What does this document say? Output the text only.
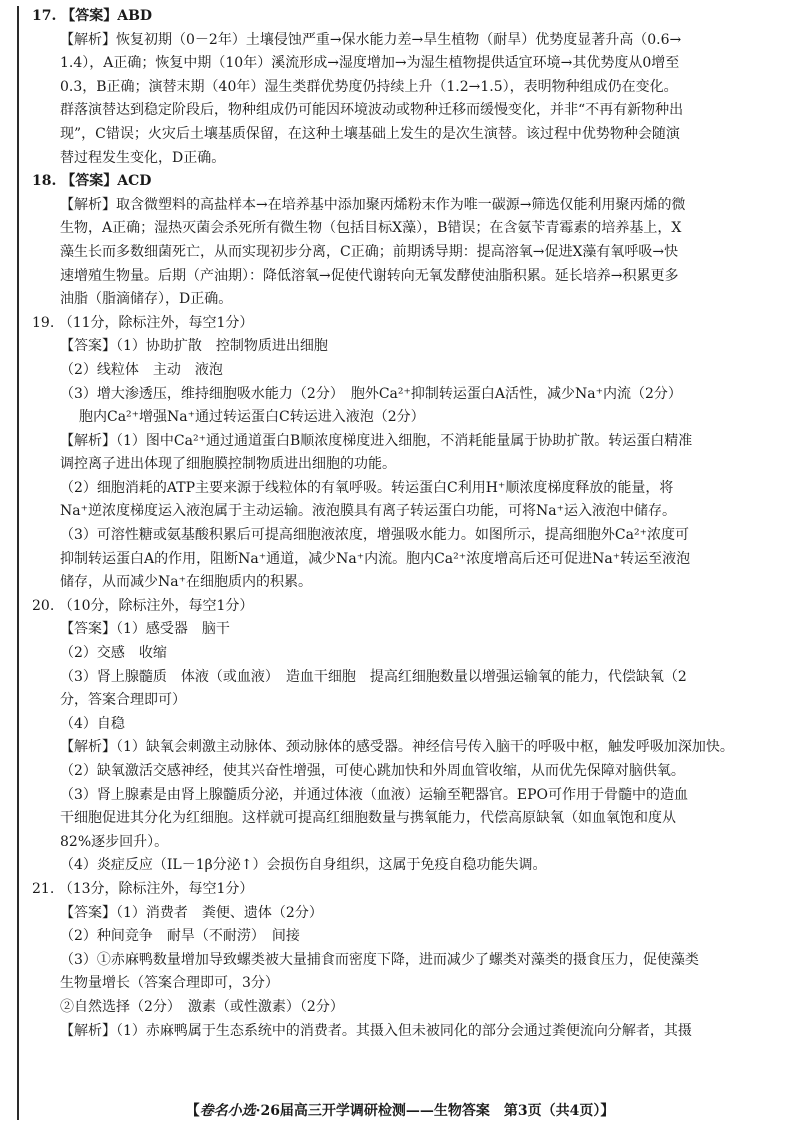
17. 【答案】ABD
【解析】恢复初期（0－2年）土壤侵蚀严重→保水能力差→旱生植物（耐旱）优势度显著升高（0.6→
1.4），A正确；恢复中期（10年）溪流形成→湿度增加→为湿生植物提供适宜环境→其优势度从0增至
0.3，B正确；演替末期（40年）湿生类群优势度仍持续上升（1.2→1.5），表明物种组成仍在变化。
群落演替达到稳定阶段后，物种组成仍可能因环境波动或物种迁移而缓慢变化，并非“不再有新物种出
现”，C错误；火灾后土壤基质保留，在这种土壤基础上发生的是次生演替。该过程中优势物种会随演
替过程发生变化，D正确。
18. 【答案】ACD
【解析】取含微塑料的高盐样本→在培养基中添加聚丙烯粉末作为唯一碳源→筛选仅能利用聚丙烯的微
生物，A正确；湿热灭菌会杀死所有微生物（包括目标X藻），B错误；在含氨苄青霉素的培养基上，X
藻生长而多数细菌死亡，从而实现初步分离，C正确；前期诱导期：提高溶氧→促进X藻有氧呼吸→快
速增殖生物量。后期（产油期）：降低溶氧→促使代谢转向无氧发酵使油脂积累。延长培养→积累更多
油脂（脂滴储存），D正确。
19. （11分，除标注外，每空1分）
【答案】（1）协助扩散　控制物质进出细胞
（2）线粒体　主动　液泡
（3）增大渗透压，维持细胞吸水能力（2分）　胞外Ca²⁺抑制转运蛋白A活性，减少Na⁺内流（2分）
胞内Ca²⁺增强Na⁺通过转运蛋白C转运进入液泡（2分）
【解析】（1）图中Ca²⁺通过通道蛋白B顺浓度梯度进入细胞，不消耗能量属于协助扩散。转运蛋白精准
调控离子进出体现了细胞膜控制物质进出细胞的功能。
（2）细胞消耗的ATP主要来源于线粒体的有氧呼吸。转运蛋白C利用H⁺顺浓度梯度释放的能量，将
Na⁺逆浓度梯度运入液泡属于主动运输。液泡膜具有离子转运蛋白功能，可将Na⁺运入液泡中储存。
（3）可溶性糖或氨基酸积累后可提高细胞液浓度，增强吸水能力。如图所示，提高细胞外Ca²⁺浓度可
抑制转运蛋白A的作用，阻断Na⁺通道，减少Na⁺内流。胞内Ca²⁺浓度增高后还可促进Na⁺转运至液泡
储存，从而减少Na⁺在细胞质内的积累。
20. （10分，除标注外，每空1分）
【答案】（1）感受器　脑干
（2）交感　收缩
（3）肾上腺髓质　体液（或血液）　造血干细胞　提高红细胞数量以增强运输氧的能力，代偿缺氧（2
分，答案合理即可）
（4）自稳
【解析】（1）缺氧会刺激主动脉体、颈动脉体的感受器。神经信号传入脑干的呼吸中枢，触发呼吸加深加快。
（2）缺氧激活交感神经，使其兴奋性增强，可使心跳加快和外周血管收缩，从而优先保障对脑供氧。
（3）肾上腺素是由肾上腺髓质分泌，并通过体液（血液）运输至靶器官。EPO可作用于骨髓中的造血
干细胞促进其分化为红细胞。这样就可提高红细胞数量与携氧能力，代偿高原缺氧（如血氧饱和度从
82%逐步回升）。
（4）炎症反应（IL－1β分泌↑）会损伤自身组织，这属于免疫自稳功能失调。
21. （13分，除标注外，每空1分）
【答案】（1）消费者　粪便、遗体（2分）
（2）种间竞争　耐旱（不耐涝）　间接
（3）①赤麻鸭数量增加导致螺类被大量捕食而密度下降，进而减少了螺类对藻类的摄食压力，促使藻类
生物量增长（答案合理即可，3分）
②自然选择（2分）　激素（或性激素）（2分）
【解析】（1）赤麻鸭属于生态系统中的消费者。其摄入但未被同化的部分会通过粪便流向分解者，其摄
【卷名小选·26届高三开学调研检测——生物答案　第3页（共4页）】
